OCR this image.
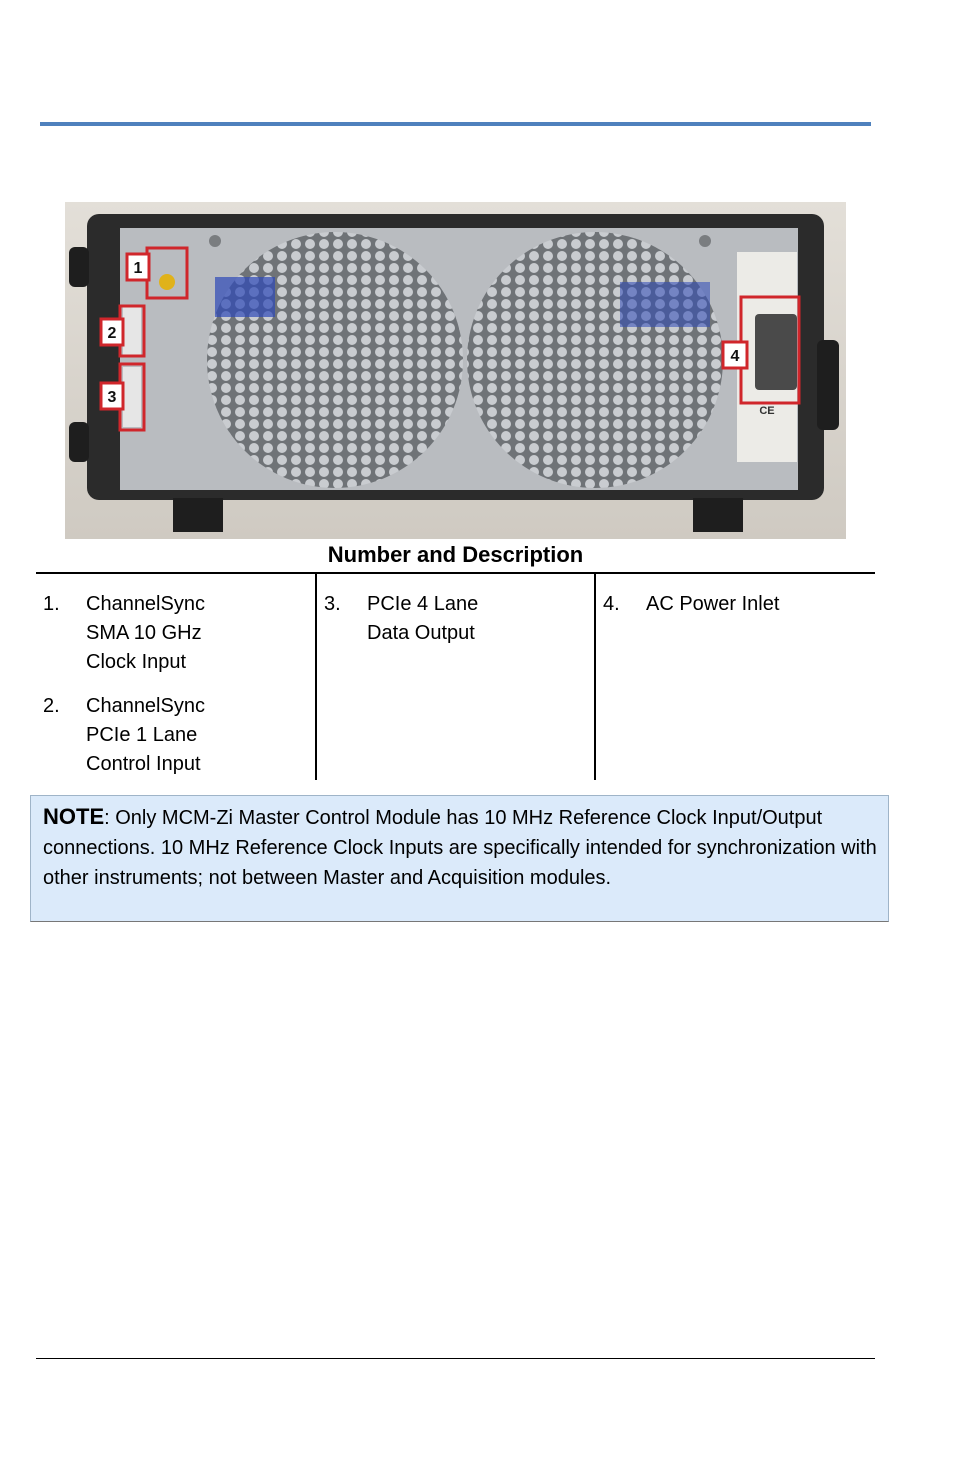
CE
1
2
3
4
Number and Description
1. ChannelSync
SMA 10 GHz
Clock Input
2. ChannelSync
PCIe 1 Lane
Control Input
3. PCIe 4 Lane
Data Output
4. AC Power Inlet
NOTE: Only MCM-Zi Master Control Module has 10 MHz Reference Clock Input/Output connections. 10 MHz Reference Clock Inputs are specifically intended for synchronization with other instruments; not between Master and Acquisition modules.
